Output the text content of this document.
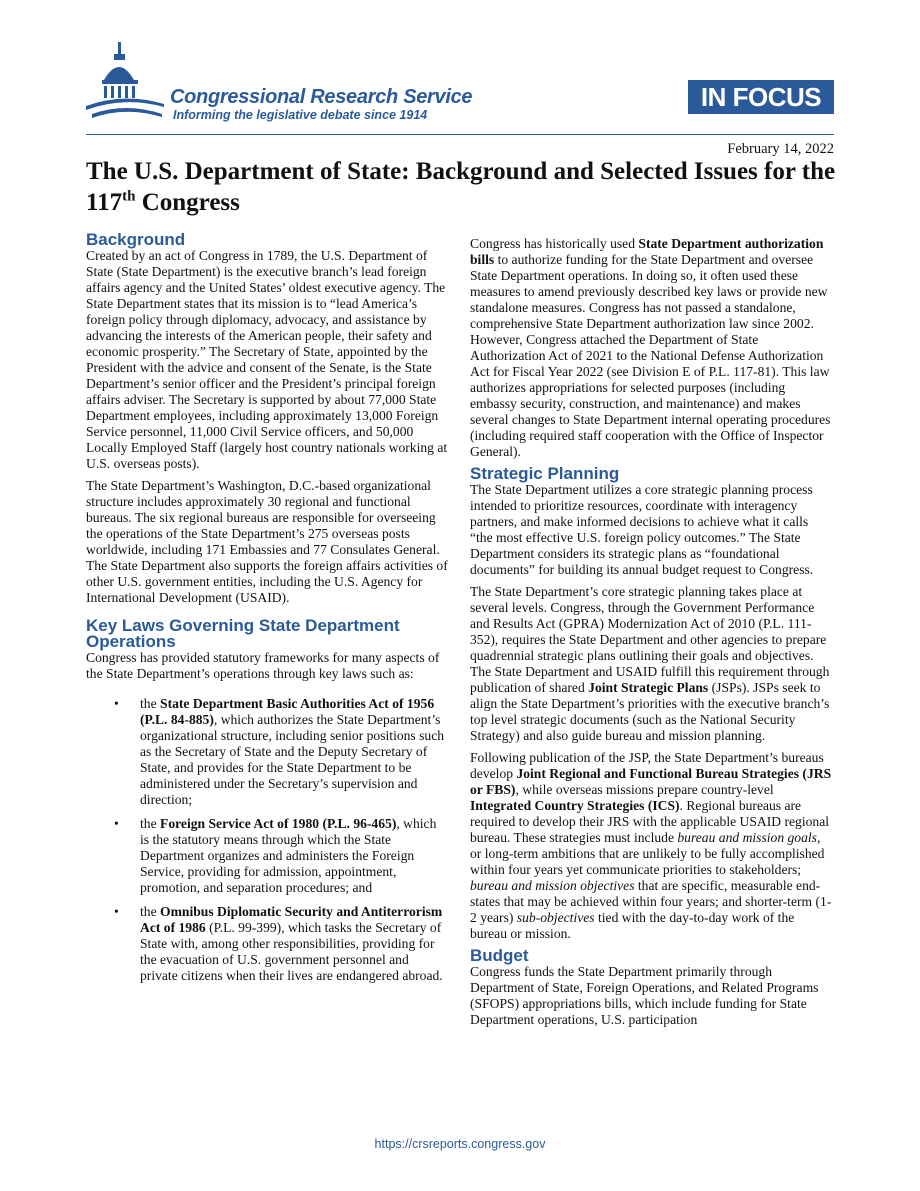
Congressional Research Service
Informing the legislative debate since 1914
IN FOCUS
February 14, 2022
The U.S. Department of State: Background and Selected Issues for the 117th Congress
Background

Created by an act of Congress in 1789, the U.S. Department of State (State Department) is the executive branch’s lead foreign affairs agency and the United States’ oldest executive agency. The State Department states that its mission is to “lead America’s foreign policy through diplomacy, advocacy, and assistance by advancing the interests of the American people, their safety and economic prosperity.” The Secretary of State, appointed by the President with the advice and consent of the Senate, is the State Department’s senior officer and the President’s principal foreign affairs adviser. The Secretary is supported by about 77,000 State Department employees, including approximately 13,000 Foreign Service personnel, 11,000 Civil Service officers, and 50,000 Locally Employed Staff (largely host country nationals working at U.S. overseas posts).

The State Department’s Washington, D.C.-based organizational structure includes approximately 30 regional and functional bureaus. The six regional bureaus are responsible for overseeing the operations of the State Department’s 275 overseas posts worldwide, including 171 Embassies and 77 Consulates General. The State Department also supports the foreign affairs activities of other U.S. government entities, including the U.S. Agency for International Development (USAID).

Key Laws Governing State Department Operations

Congress has provided statutory frameworks for many aspects of the State Department’s operations through key laws such as:

• the State Department Basic Authorities Act of 1956 (P.L. 84-885), which authorizes the State Department’s organizational structure, including senior positions such as the Secretary of State and the Deputy Secretary of State, and provides for the State Department to be administered under the Secretary’s supervision and direction;
• the Foreign Service Act of 1980 (P.L. 96-465), which is the statutory means through which the State Department organizes and administers the Foreign Service, providing for admission, appointment, promotion, and separation procedures; and
• the Omnibus Diplomatic Security and Antiterrorism Act of 1986 (P.L. 99-399), which tasks the Secretary of State with, among other responsibilities, providing for the evacuation of U.S. government personnel and private citizens when their lives are endangered abroad.

Congress has historically used State Department authorization bills to authorize funding for the State Department and oversee State Department operations. In doing so, it often used these measures to amend previously described key laws or provide new standalone measures. Congress has not passed a standalone, comprehensive State Department authorization law since 2002. However, Congress attached the Department of State Authorization Act of 2021 to the National Defense Authorization Act for Fiscal Year 2022 (see Division E of P.L. 117-81). This law authorizes appropriations for selected purposes (including embassy security, construction, and maintenance) and makes several changes to State Department internal operating procedures (including required staff cooperation with the Office of Inspector General).

Strategic Planning

The State Department utilizes a core strategic planning process intended to prioritize resources, coordinate with interagency partners, and make informed decisions to achieve what it calls “the most effective U.S. foreign policy outcomes.” The State Department considers its strategic plans as “foundational documents” for building its annual budget request to Congress.

The State Department’s core strategic planning takes place at several levels. Congress, through the Government Performance and Results Act (GPRA) Modernization Act of 2010 (P.L. 111-352), requires the State Department and other agencies to prepare quadrennial strategic plans outlining their goals and objectives. The State Department and USAID fulfill this requirement through publication of shared Joint Strategic Plans (JSPs). JSPs seek to align the State Department’s priorities with the executive branch’s top level strategic documents (such as the National Security Strategy) and also guide bureau and mission planning.

Following publication of the JSP, the State Department’s bureaus develop Joint Regional and Functional Bureau Strategies (JRS or FBS), while overseas missions prepare country-level Integrated Country Strategies (ICS). Regional bureaus are required to develop their JRS with the applicable USAID regional bureau. These strategies must include bureau and mission goals, or long-term ambitions that are unlikely to be fully accomplished within four years yet communicate priorities to stakeholders; bureau and mission objectives that are specific, measurable end-states that may be achieved within four years; and shorter-term (1-2 years) sub-objectives tied with the day-to-day work of the bureau or mission.

Budget

Congress funds the State Department primarily through Department of State, Foreign Operations, and Related Programs (SFOPS) appropriations bills, which include funding for State Department operations, U.S. participation

https://crsreports.congress.gov
